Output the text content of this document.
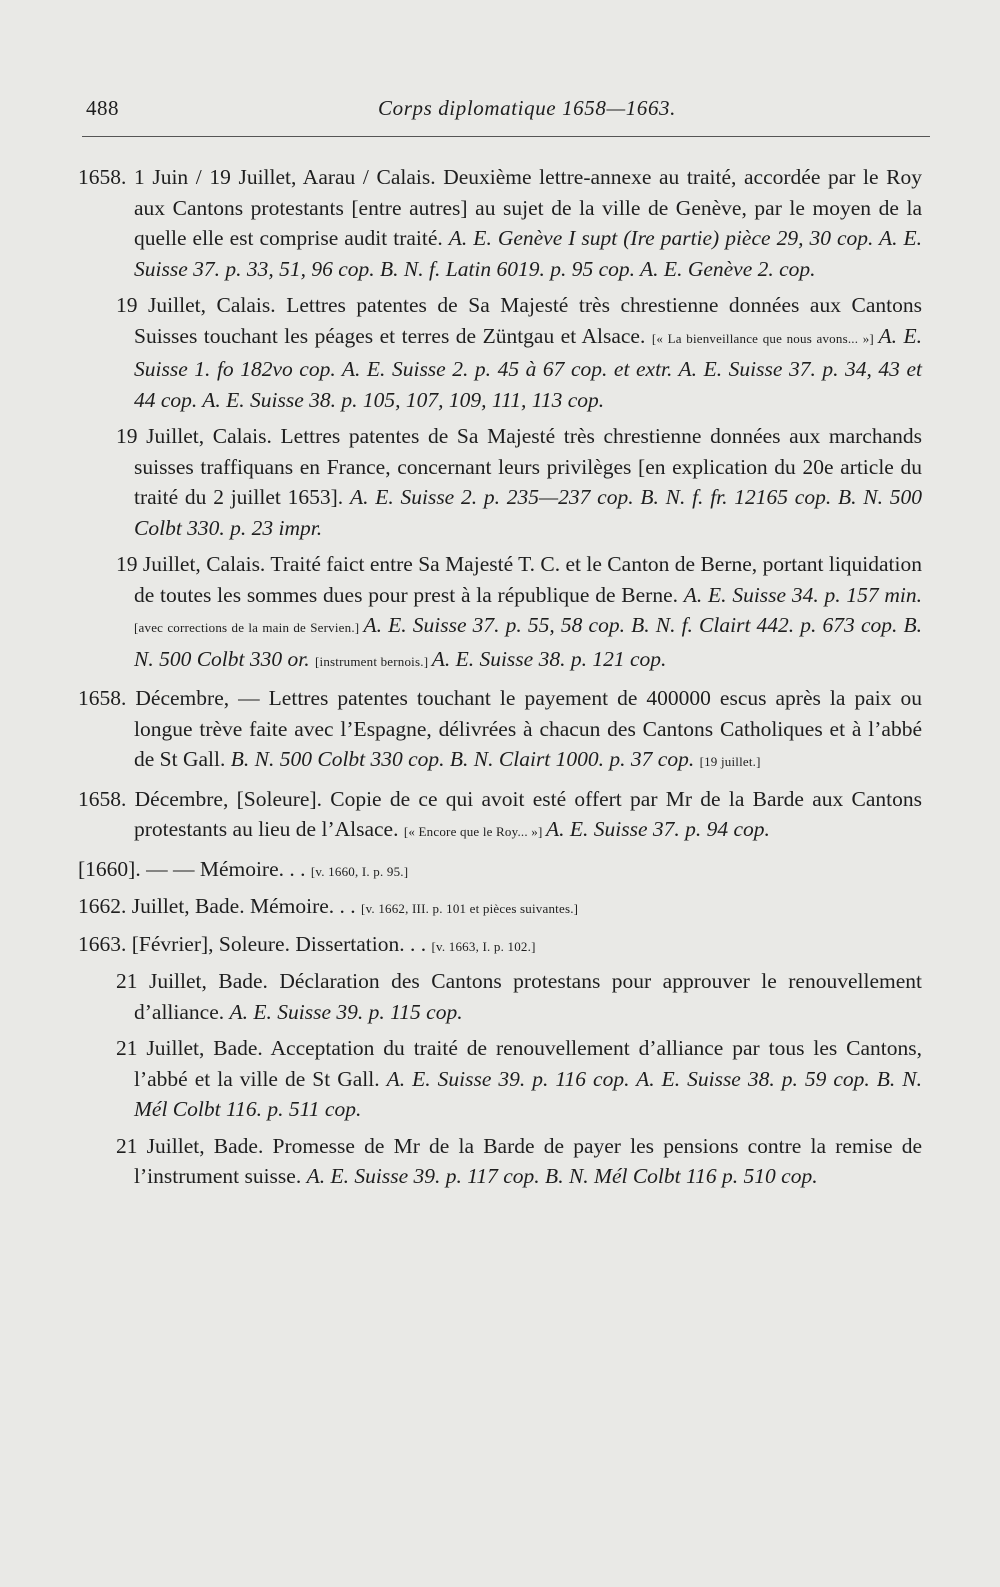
488	Corps diplomatique 1658—1663.

1658. 1 Juin / 19 Juillet, Aarau / Calais. Deuxième lettre-annexe au traité, accordée par le Roy aux Cantons protestants [entre autres] au sujet de la ville de Genève, par le moyen de la quelle elle est comprise audit traité. A. E. Genève I supt (Ire partie) pièce 29, 30 cop. A. E. Suisse 37. p. 33, 51, 96 cop. B. N. f. Latin 6019. p. 95 cop. A. E. Genève 2. cop.

19 Juillet, Calais. Lettres patentes de Sa Majesté très chrestienne données aux Cantons Suisses touchant les péages et terres de Züntgau et Alsace. [« La bienveillance que nous avons... »] A. E. Suisse 1. fo 182vo cop. A. E. Suisse 2. p. 45 à 67 cop. et extr. A. E. Suisse 37. p. 34, 43 et 44 cop. A. E. Suisse 38. p. 105, 107, 109, 111, 113 cop.

19 Juillet, Calais. Lettres patentes de Sa Majesté très chrestienne données aux marchands suisses traffiquans en France, concernant leurs privilèges [en explication du 20e article du traité du 2 juillet 1653]. A. E. Suisse 2. p. 235—237 cop. B. N. f. fr. 12165 cop. B. N. 500 Colbt 330. p. 23 impr.

19 Juillet, Calais. Traité faict entre Sa Majesté T. C. et le Canton de Berne, portant liquidation de toutes les sommes dues pour prest à la république de Berne. A. E. Suisse 34. p. 157 min. [avec corrections de la main de Servien.] A. E. Suisse 37. p. 55, 58 cop. B. N. f. Clairt 442. p. 673 cop. B. N. 500 Colbt 330 or. [instrument bernois.] A. E. Suisse 38. p. 121 cop.

1658. Décembre, — Lettres patentes touchant le payement de 400000 escus après la paix ou longue trève faite avec l’Espagne, délivrées à chacun des Cantons Catholiques et à l’abbé de St Gall. B. N. 500 Colbt 330 cop. B. N. Clairt 1000. p. 37 cop. [19 juillet.]

1658. Décembre, [Soleure]. Copie de ce qui avoit esté offert par Mr de la Barde aux Cantons protestants au lieu de l’Alsace. [« Encore que le Roy... »] A. E. Suisse 37. p. 94 cop.

[1660]. — — Mémoire. . . [v. 1660, I. p. 95.]

1662. Juillet, Bade. Mémoire. . . [v. 1662, III. p. 101 et pièces suivantes.]

1663. [Février], Soleure. Dissertation. . . [v. 1663, I. p. 102.]

21 Juillet, Bade. Déclaration des Cantons protestans pour approuver le renouvellement d’alliance. A. E. Suisse 39. p. 115 cop.

21 Juillet, Bade. Acceptation du traité de renouvellement d’alliance par tous les Cantons, l’abbé et la ville de St Gall. A. E. Suisse 39. p. 116 cop. A. E. Suisse 38. p. 59 cop. B. N. Mél Colbt 116. p. 511 cop.

21 Juillet, Bade. Promesse de Mr de la Barde de payer les pensions contre la remise de l’instrument suisse. A. E. Suisse 39. p. 117 cop. B. N. Mél Colbt 116 p. 510 cop.
